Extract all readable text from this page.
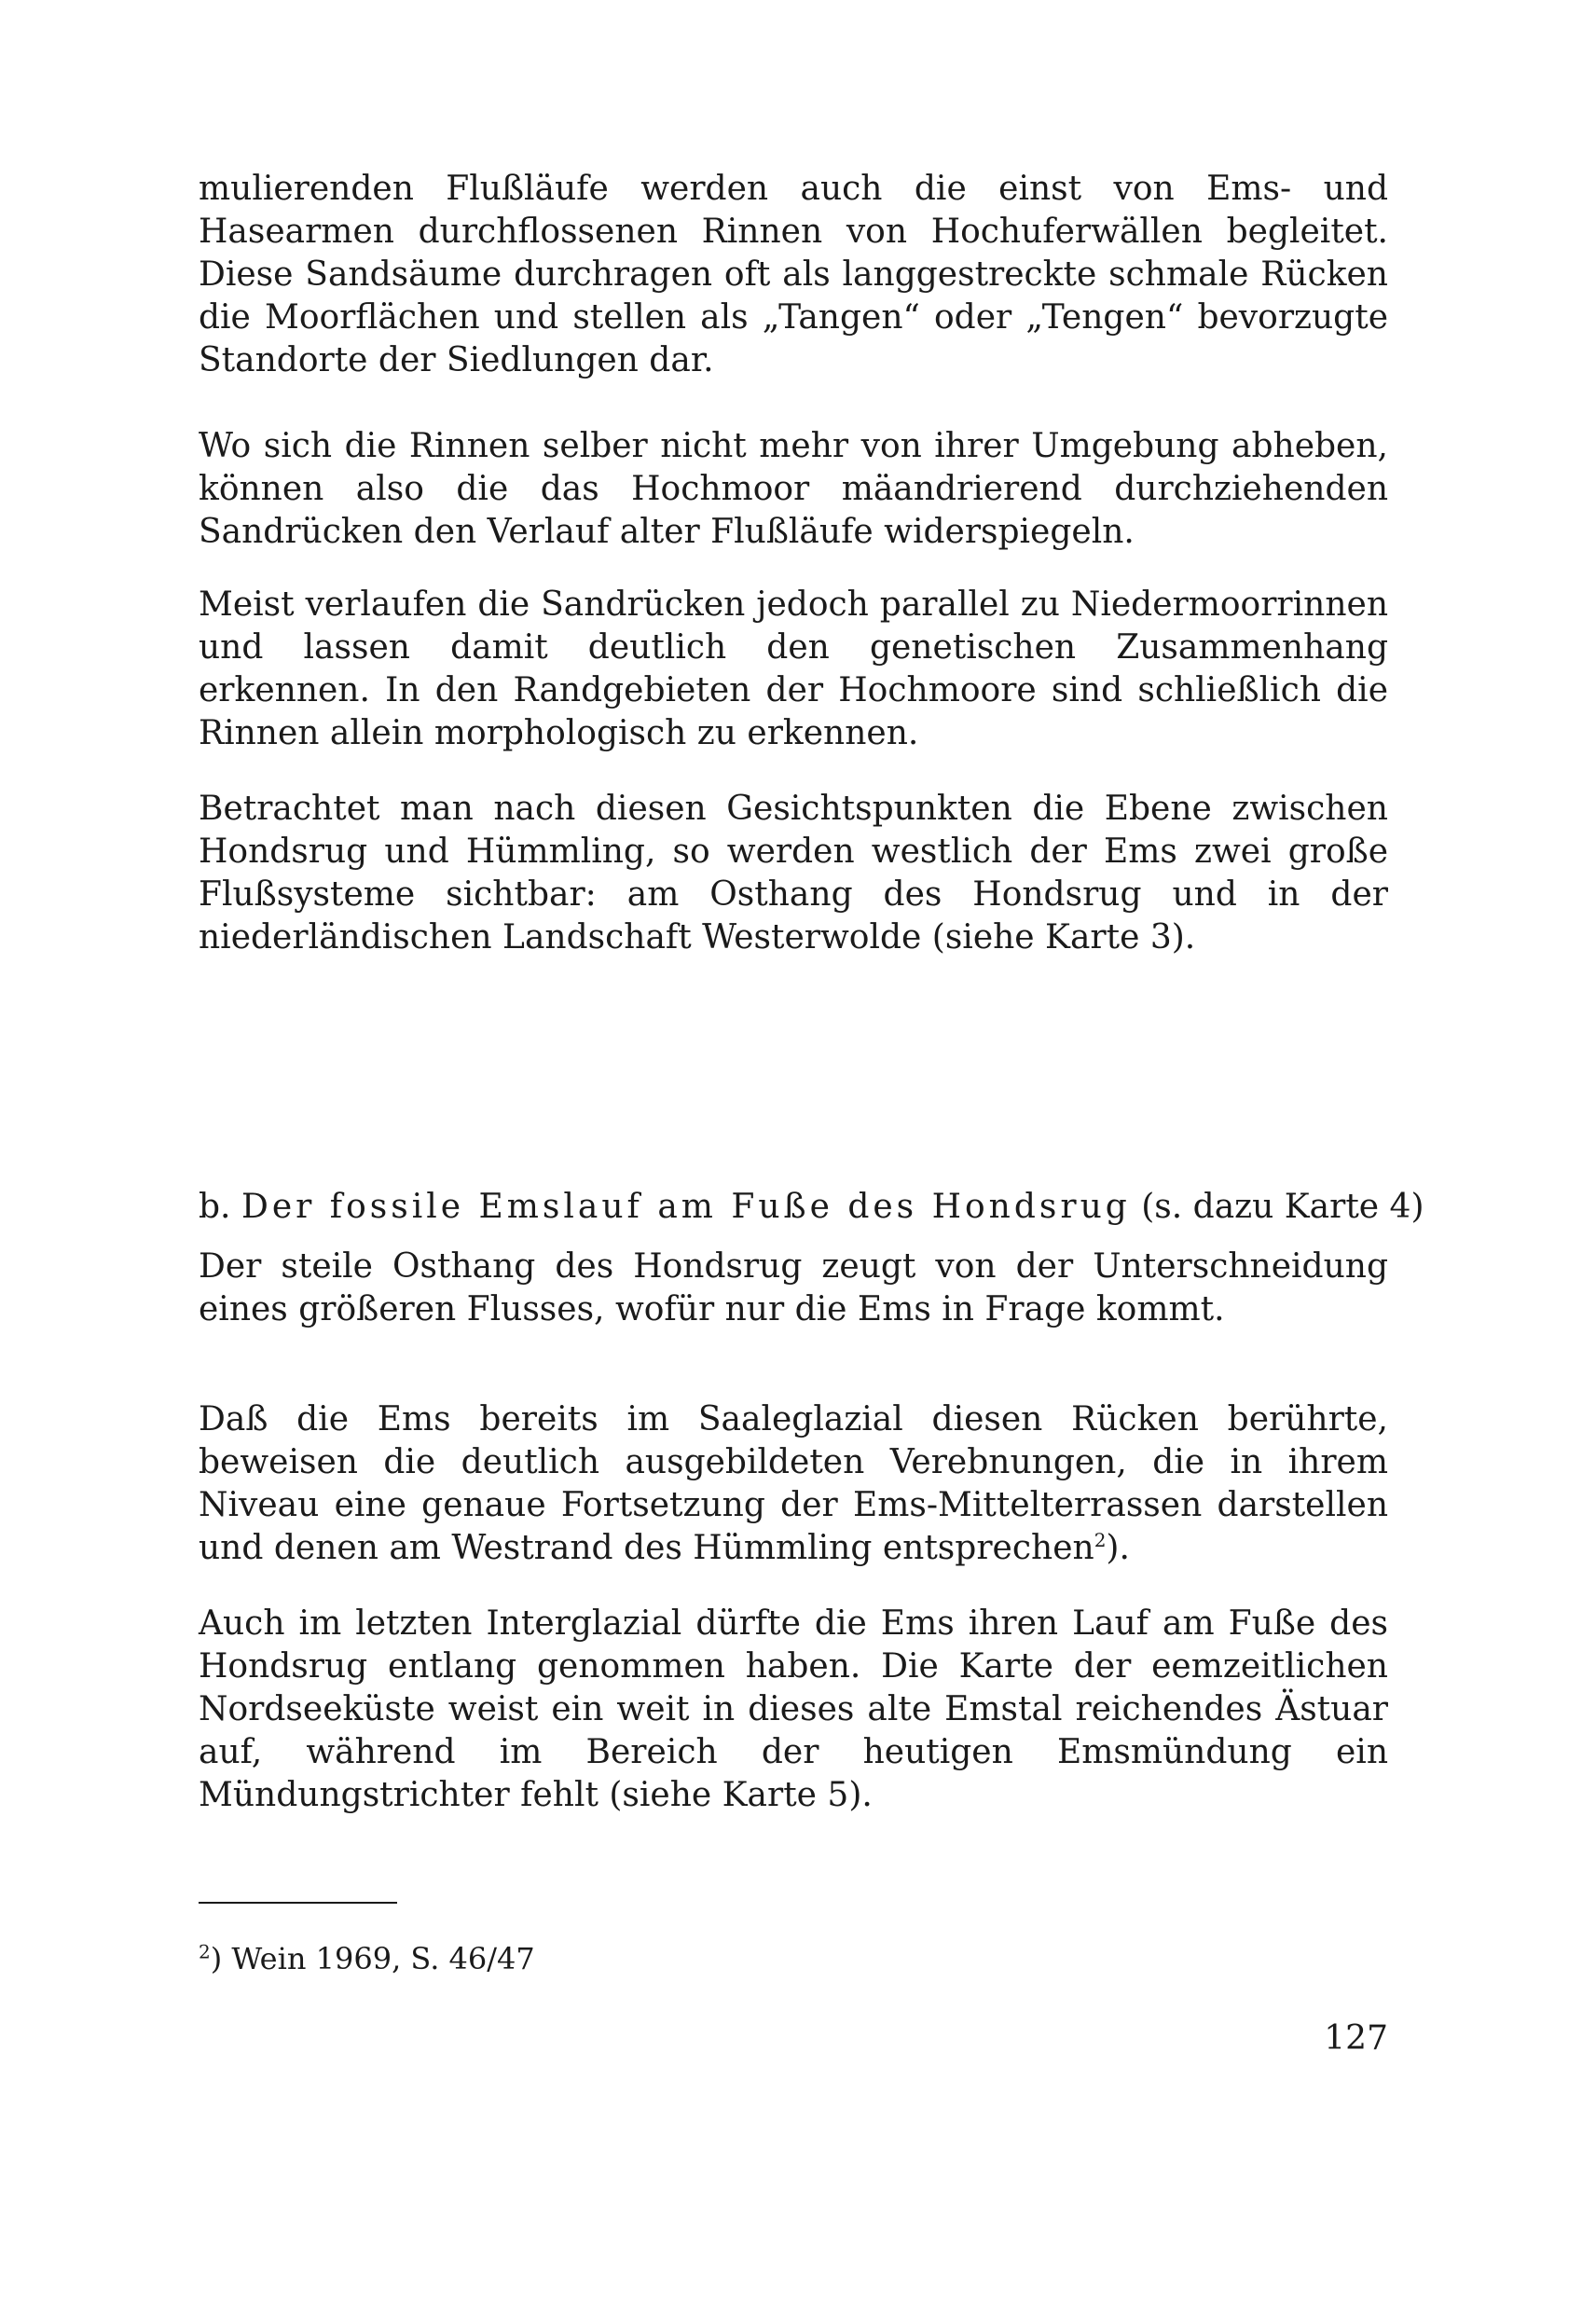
mulierenden Flußläufe werden auch die einst von Ems- und Hasearmen durchflossenen Rinnen von Hochuferwällen begleitet. Diese Sandsäume durchragen oft als langgestreckte schmale Rücken die Moorflächen und stellen als „Tangen“ oder „Tengen“ bevorzugte Standorte der Siedlungen dar.

Wo sich die Rinnen selber nicht mehr von ihrer Umgebung abheben, können also die das Hochmoor mäandrierend durchziehenden Sandrücken den Verlauf alter Flußläufe widerspiegeln.

Meist verlaufen die Sandrücken jedoch parallel zu Niedermoorrinnen und lassen damit deutlich den genetischen Zusammenhang erkennen. In den Randgebieten der Hochmoore sind schließlich die Rinnen allein morphologisch zu erkennen.

Betrachtet man nach diesen Gesichtspunkten die Ebene zwischen Hondsrug und Hümmling, so werden westlich der Ems zwei große Flußsysteme sichtbar: am Osthang des Hondsrug und in der niederländischen Landschaft Westerwolde (siehe Karte 3).

b. Der fossile Emslauf am Fuße des Hondsrug (s. dazu Karte 4)

Der steile Osthang des Hondsrug zeugt von der Unterschneidung eines größeren Flusses, wofür nur die Ems in Frage kommt.

Daß die Ems bereits im Saaleglazial diesen Rücken berührte, beweisen die deutlich ausgebildeten Verebnungen, die in ihrem Niveau eine genaue Fortsetzung der Ems-Mittelterrassen darstellen und denen am Westrand des Hümmling entsprechen$^2$).

Auch im letzten Interglazial dürfte die Ems ihren Lauf am Fuße des Hondsrug entlang genommen haben. Die Karte der eemzeitlichen Nordseeküste weist ein weit in dieses alte Emstal reichendes Ästuar auf, während im Bereich der heutigen Emsmündung ein Mündungstrichter fehlt (siehe Karte 5).

$^2$) Wein 1969, S. 46/47

127
